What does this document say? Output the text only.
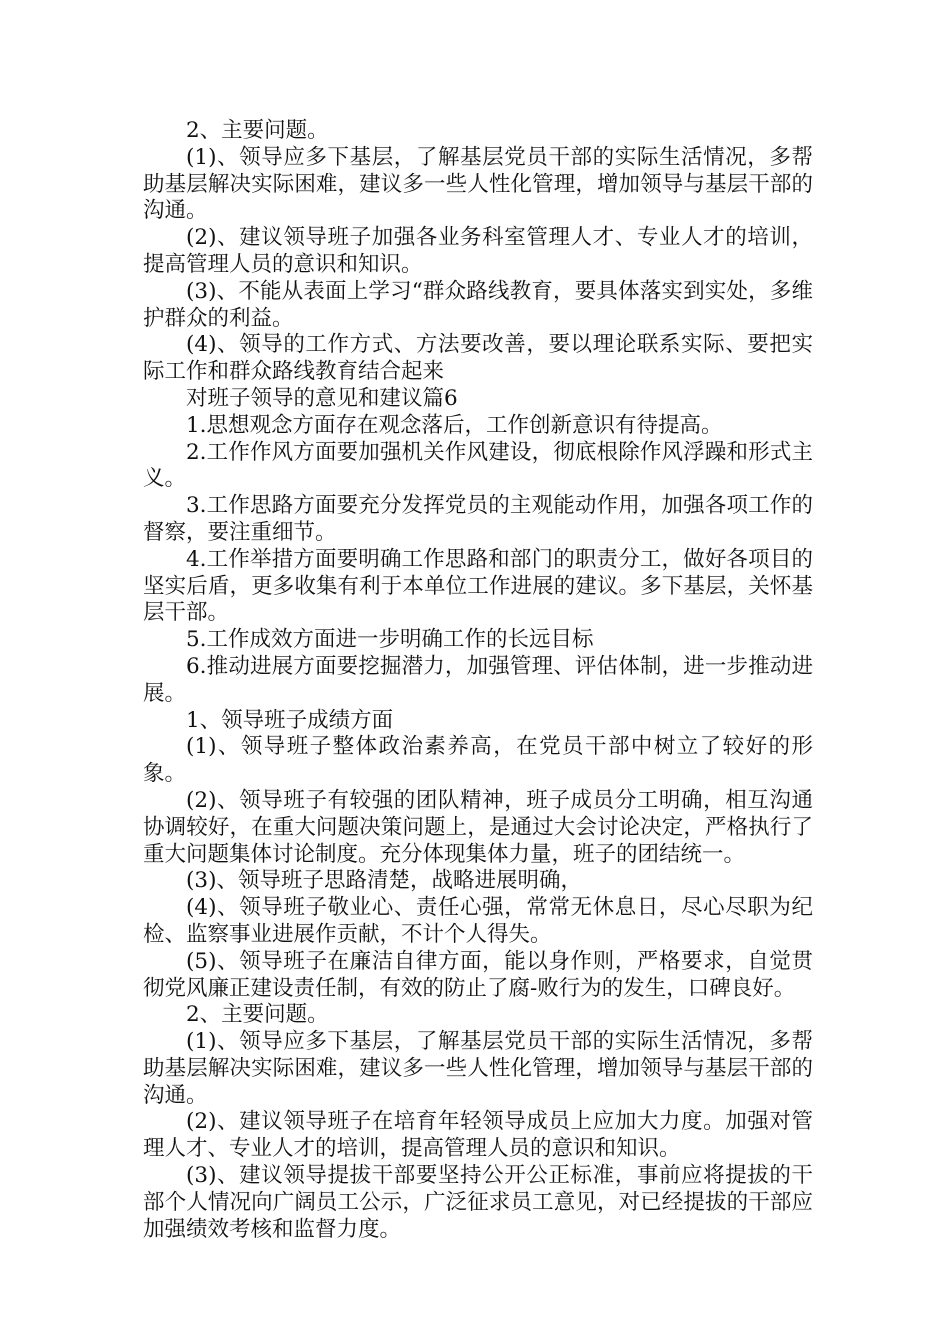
2、主要问题。

(1)、领导应多下基层，了解基层党员干部的实际生活情况，多帮助基层解决实际困难，建议多一些人性化管理，增加领导与基层干部的沟通。

(2)、建议领导班子加强各业务科室管理人才、专业人才的培训，提高管理人员的意识和知识。

(3)、不能从表面上学习“群众路线教育，要具体落实到实处，多维护群众的利益。

(4)、领导的工作方式、方法要改善，要以理论联系实际、要把实际工作和群众路线教育结合起来

对班子领导的意见和建议篇6

1.思想观念方面存在观念落后，工作创新意识有待提高。

2.工作作风方面要加强机关作风建设，彻底根除作风浮躁和形式主义。

3.工作思路方面要充分发挥党员的主观能动作用，加强各项工作的督察，要注重细节。

4.工作举措方面要明确工作思路和部门的职责分工，做好各项目的坚实后盾，更多收集有利于本单位工作进展的建议。多下基层，关怀基层干部。

5.工作成效方面进一步明确工作的长远目标

6.推动进展方面要挖掘潜力，加强管理、评估体制，进一步推动进展。

1、领导班子成绩方面

(1)、领导班子整体政治素养高，在党员干部中树立了较好的形象。

(2)、领导班子有较强的团队精神，班子成员分工明确，相互沟通协调较好，在重大问题决策问题上，是通过大会讨论决定，严格执行了重大问题集体讨论制度。充分体现集体力量，班子的团结统一。

(3)、领导班子思路清楚，战略进展明确，

(4)、领导班子敬业心、责任心强，常常无休息日，尽心尽职为纪检、监察事业进展作贡献，不计个人得失。

(5)、领导班子在廉洁自律方面，能以身作则，严格要求，自觉贯彻党风廉正建设责任制，有效的防止了腐-败行为的发生，口碑良好。

2、主要问题。

(1)、领导应多下基层，了解基层党员干部的实际生活情况，多帮助基层解决实际困难，建议多一些人性化管理，增加领导与基层干部的沟通。

(2)、建议领导班子在培育年轻领导成员上应加大力度。加强对管理人才、专业人才的培训，提高管理人员的意识和知识。

(3)、建议领导提拔干部要坚持公开公正标准，事前应将提拔的干部个人情况向广阔员工公示，广泛征求员工意见，对已经提拔的干部应加强绩效考核和监督力度。
